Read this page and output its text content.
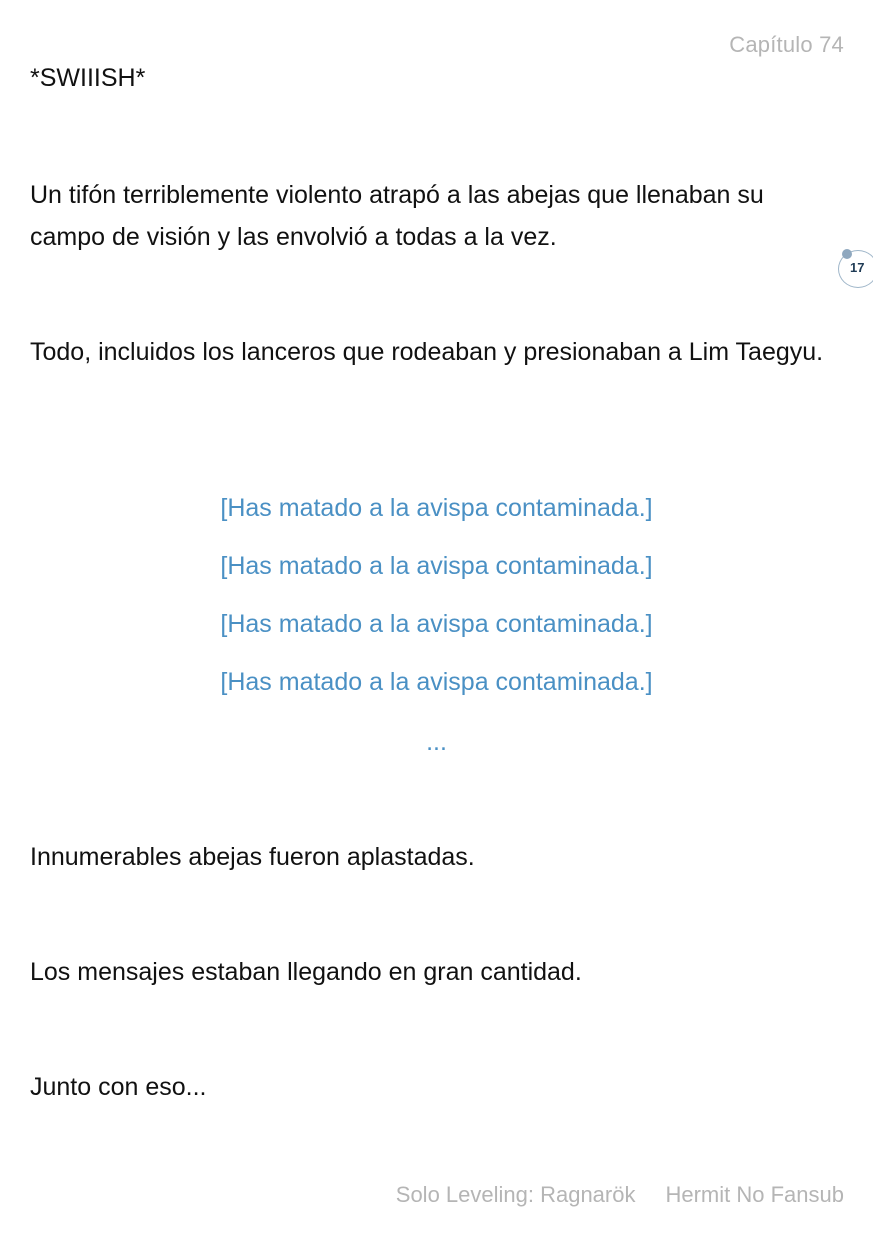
Capítulo 74

*SWIIISH*

Un tifón terriblemente violento atrapó a las abejas que llenaban su campo de visión y las envolvió a todas a la vez.

17

Todo, incluidos los lanceros que rodeaban y presionaban a Lim Taegyu.

[Has matado a la avispa contaminada.]
[Has matado a la avispa contaminada.]
[Has matado a la avispa contaminada.]
[Has matado a la avispa contaminada.]
...

Innumerables abejas fueron aplastadas.

Los mensajes estaban llegando en gran cantidad.

Junto con eso...

Solo Leveling: Ragnarök Hermit No Fansub
